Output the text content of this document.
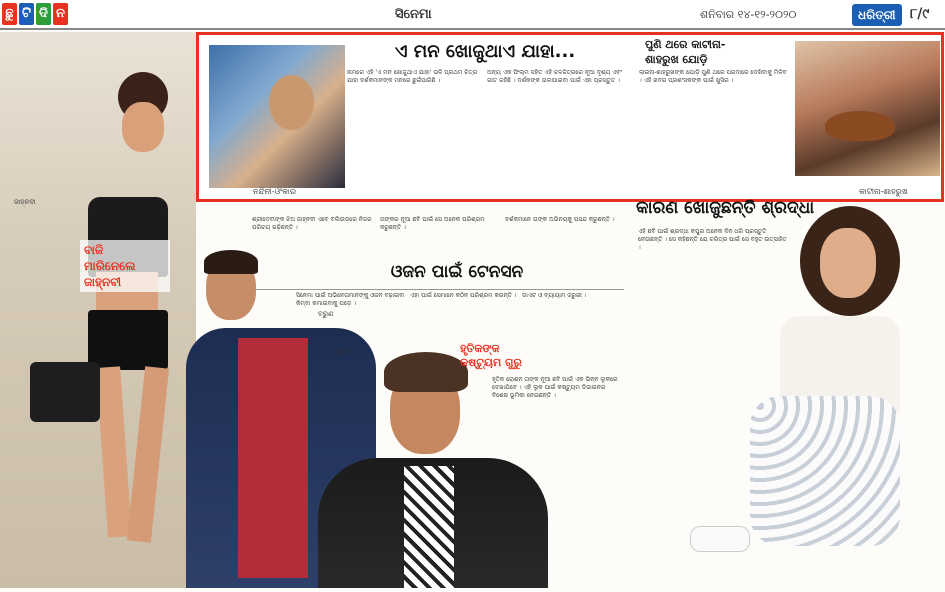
ଛୁ ଟି ଦି ନ	ସିନେମା	ଶନିବାର ୧୪-୧୨-୨୦୨୦	ଧରିତ୍ରୀ	୮/୯
ଜାହ୍ନବୀ
ବାଜି
ମାରିନେଲେ
ଜାହ୍ନବୀ
ନନ୍ଦିନୀ-ଓଂକାର
ଏ ମନ ଖୋଜୁଥାଏ ଯାହା...
ନାମରେ ଏହି 'ଏ ମନ ଖୋଜୁଥାଏ ଯାହା' ଭଳି ପ୍ରଥମ ଚିତ୍ର ଯାହା ଦର୍ଶକମାନଙ୍କ ମନରେ ଛୁଇଁପାରିଛି ।
ଅନ୍ୟ ଏକ ଫିଲ୍ମ ସହିତ ଏହି ଚଳଚ୍ଚିତ୍ରରେ ନୂଆ ଦୃଶ୍ୟ ଏବଂ ଗୀତ ରହିଛି । ଦର୍ଶକଙ୍କ ଭଲପାଇବା ପାଇଁ ଏହା ପ୍ରସ୍ତୁତ ।
ପୁଣି ଥରେ କାଟୀନା-
ଶାହରୁଖ ଯୋଡ଼ି
ଲାଇନା-ଶାହରୁଖଙ୍କ ଯୋଡ଼ି ପୁଣି ଥରେ ପରଦାରେ ଦେଖିବାକୁ ମିଳିବ । ଏହି ଖବର ପ୍ରଶଂସକଙ୍କ ପାଇଁ ଖୁସିର ।
କାଟୀନା-ଶାହରୁଖ
ଶ୍ରୀଦେବୀଙ୍କ ଝିଅ ଜାହ୍ନବୀ ଏବେ ବଲିଉଡ଼ରେ ନିଜର ପରିଚୟ ଗଢ଼ିଛନ୍ତି ।
ତାଙ୍କର ନୂଆ ଛବି ପାଇଁ ସେ ଅନେକ ପରିଶ୍ରମ କରୁଛନ୍ତି ।
ଦର୍ଶକମାନେ ତାଙ୍କ ଅଭିନୟକୁ ପସନ୍ଦ କରୁଛନ୍ତି ।
ଓଜନ ପାଇଁ ଟେନସନ
ସିନେମା ପାଇଁ ଅଭିନେତାମାନଙ୍କୁ ଓଜନ ବଢ଼ାଇବା କିମ୍ବା କମାଇବାକୁ ପଡ଼େ ।
ଏହା ପାଇଁ ସେମାନେ କଠିନ ପରିଶ୍ରମ କରନ୍ତି । ଡାଏଟ ଓ ବ୍ୟାୟାମ ଜରୁରୀ ।
ବରୁଣ
ହୃତିକ	ହୃତିକଙ୍କ
କଷ୍ଟ୍ୟୁମ ଗୁରୁ
ହୃତିକ ରୋଶନ ତାଙ୍କ ନୂଆ ଛବି ପାଇଁ ଏକ ଭିନ୍ନ ଲୁକରେ ଦେଖାଯିବେ । ଏହି ଲୁକ ପାଇଁ କଷ୍ଟ୍ୟୁମ ଡିଜାଇନର ବିଶେଷ ଭୂମିକା ନେଇଛନ୍ତି ।
କାରଣ ଖୋଜୁଛନ୍ତି ଶ୍ରଦ୍ଧା
ଏହି ଛବି ପାଇଁ ଶ୍ରଦ୍ଧା କପୁର ଅନେକ ଦିନ ଧରି ପ୍ରସ୍ତୁତି ନେଉଛନ୍ତି । ସେ କହିଛନ୍ତି ଯେ ଚରିତ୍ର ପାଇଁ ସେ ବହୁତ ଉତ୍ସାହିତ ।
